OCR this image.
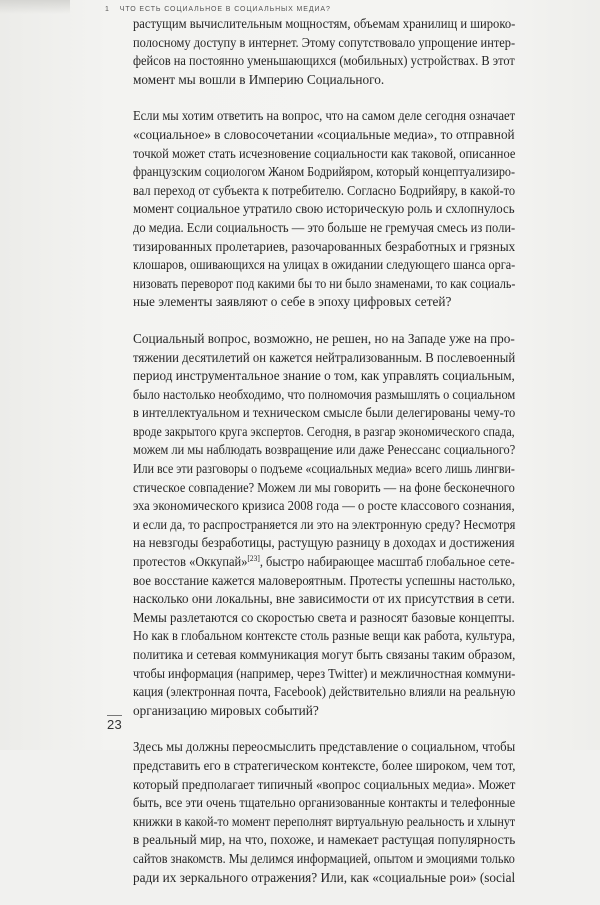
1 ЧТО ЕСТЬ СОЦИАЛЬНОЕ В СОЦИАЛЬНЫХ МЕДИА?
растущим вычислительным мощностям, объемам хранилищ и широко-
полосному доступу в интернет. Этому сопутствовало упрощение интер-
фейсов на постоянно уменьшающихся (мобильных) устройствах. В этот
момент мы вошли в Империю Социального.
Если мы хотим ответить на вопрос, что на самом деле сегодня означает
«социальное» в словосочетании «социальные медиа», то отправной
точкой может стать исчезновение социальности как таковой, описанное
французским социологом Жаном Бодрийяром, который концептуализиро-
вал переход от субъекта к потребителю. Согласно Бодрийяру, в какой-то
момент социальное утратило свою историческую роль и схлопнулось
до медиа. Если социальность — это больше не гремучая смесь из поли-
тизированных пролетариев, разочарованных безработных и грязных
клошаров, ошивающихся на улицах в ожидании следующего шанса орга-
низовать переворот под какими бы то ни было знаменами, то как социаль-
ные элементы заявляют о себе в эпоху цифровых сетей?
Социальный вопрос, возможно, не решен, но на Западе уже на про-
тяжении десятилетий он кажется нейтрализованным. В послевоенный
период инструментальное знание о том, как управлять социальным,
было настолько необходимо, что полномочия размышлять о социальном
в интеллектуальном и техническом смысле были делегированы чему-то
вроде закрытого круга экспертов. Сегодня, в разгар экономического спада,
можем ли мы наблюдать возвращение или даже Ренессанс социального?
Или все эти разговоры о подъеме «социальных медиа» всего лишь лингви-
стическое совпадение? Можем ли мы говорить — на фоне бесконечного
эха экономического кризиса 2008 года — о росте классового сознания,
и если да, то распространяется ли это на электронную среду? Несмотря
на невзгоды безработицы, растущую разницу в доходах и достижения
протестов «Оккупай»[23], быстро набирающее масштаб глобальное сете-
вое восстание кажется маловероятным. Протесты успешны настолько,
насколько они локальны, вне зависимости от их присутствия в сети.
Мемы разлетаются со скоростью света и разносят базовые концепты.
Но как в глобальном контексте столь разные вещи как работа, культура,
политика и сетевая коммуникация могут быть связаны таким образом,
чтобы информация (например, через Twitter) и межличностная коммуни-
кация (электронная почта, Facebook) действительно влияли на реальную
организацию мировых событий?
Здесь мы должны переосмыслить представление о социальном, чтобы
представить его в стратегическом контексте, более широком, чем тот,
который предполагает типичный «вопрос социальных медиа». Может
быть, все эти очень тщательно организованные контакты и телефонные
книжки в какой-то момент переполнят виртуальную реальность и хлынут
в реальный мир, на что, похоже, и намекает растущая популярность
сайтов знакомств. Мы делимся информацией, опытом и эмоциями только
ради их зеркального отражения? Или, как «социальные рои» (social
23
